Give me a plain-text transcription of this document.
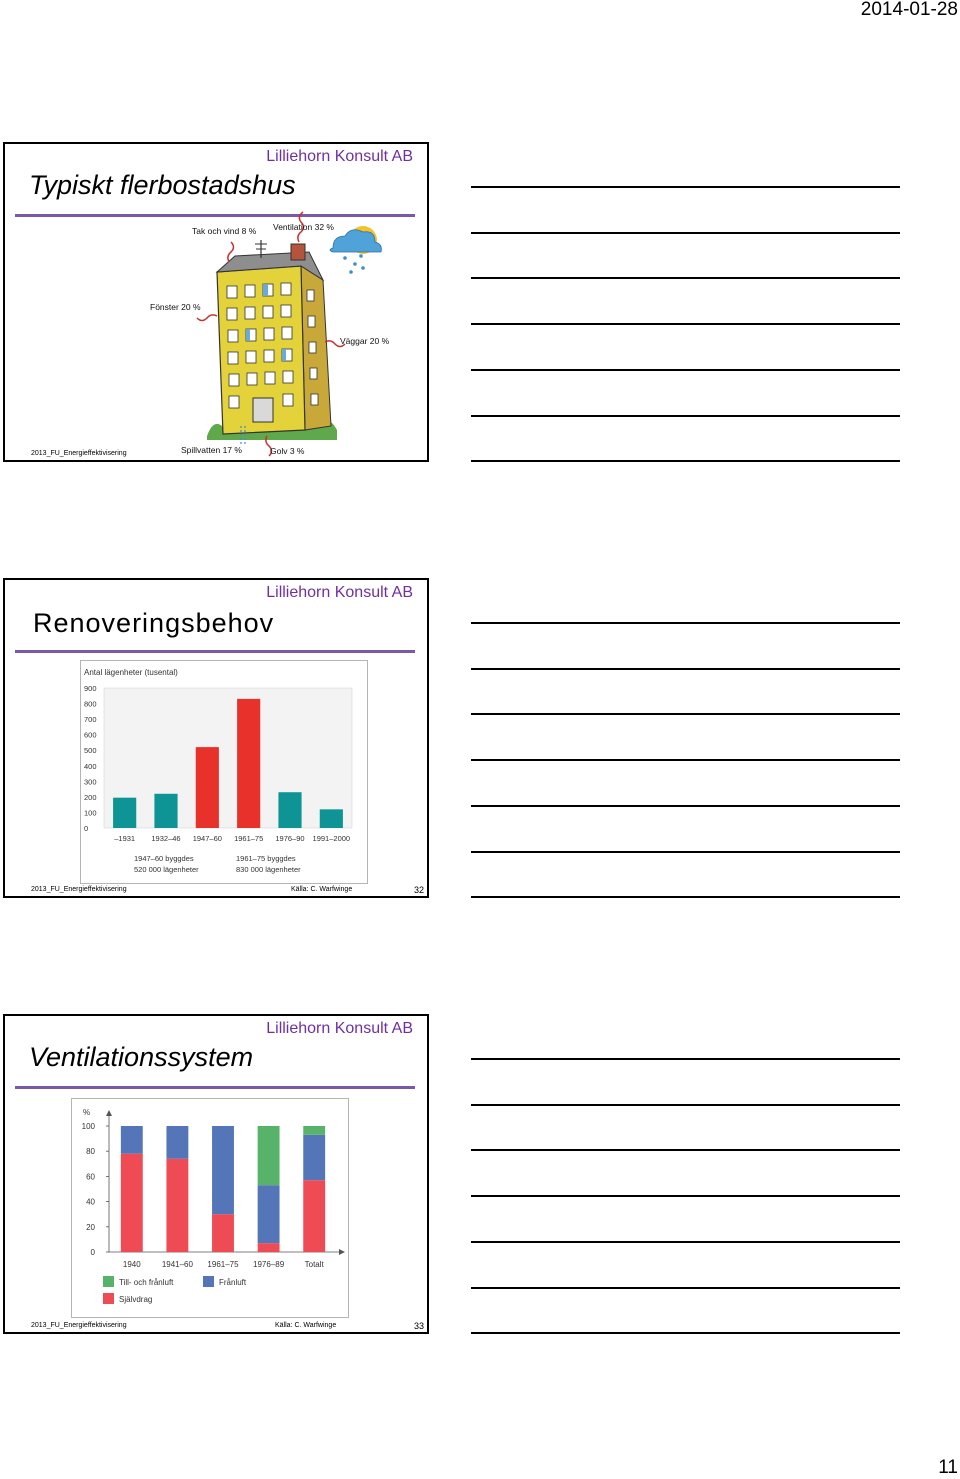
2014-01-28
Lilliehorn Konsult AB
Typiskt flerbostadshus
Tak och vind 8 % Ventilation 32 %
Fönster 20 %
Väggar 20 %
Spillvatten 17 %	Golv 3 %
2013_FU_Energieffektivisering
Lilliehorn Konsult AB
Renoveringsbehov
Antal lägenheter (tusental)
0
100
200
300
400
500
600
700
800
900
–1931 1932–46 1947–60 1961–75 1976–90 1991–2000
1947–60 byggdes
520 000 lägenheter
1961–75 byggdes
830 000 lägenheter
2013_FU_Energieffektivisering	Källa: C. Warfwinge	32
Lilliehorn Konsult AB
Ventilationssystem
%
0
20
40
60
80
100
1940	1941–60 1961–75 1976–89	Totalt
Till- och frånluft	Frånluft
Självdrag
2013_FU_Energieffektivisering	Källa: C. Warfwinge	33
11
